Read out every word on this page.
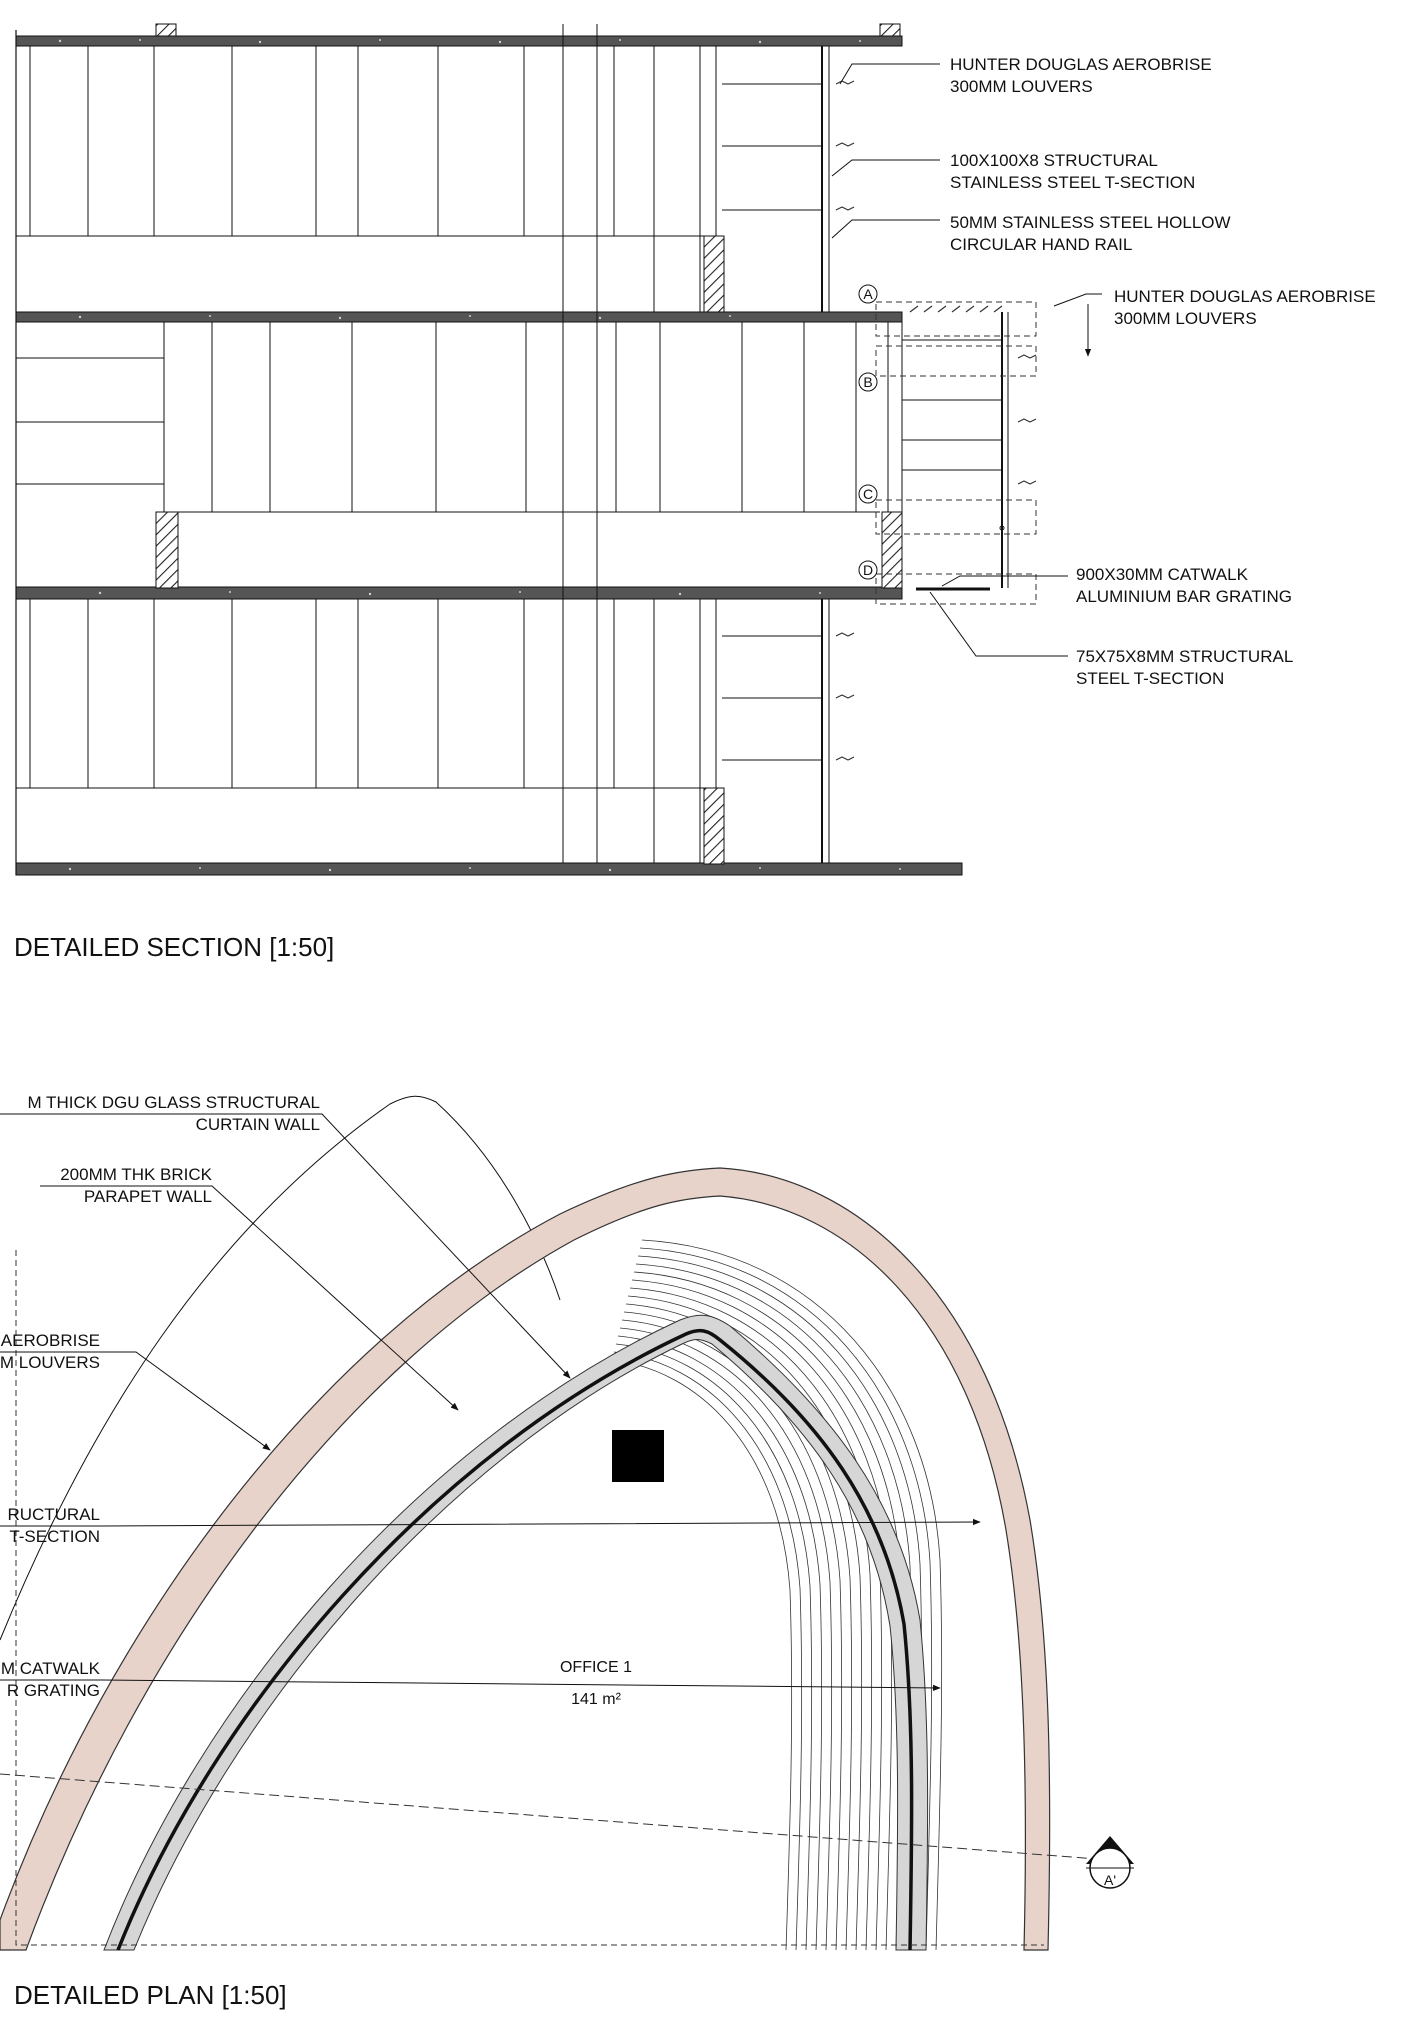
A
B
C
D
HUNTER DOUGLAS AEROBRISE
300MM LOUVERS
100X100X8 STRUCTURAL
STAINLESS STEEL T-SECTION
50MM STAINLESS STEEL HOLLOW
CIRCULAR HAND RAIL
HUNTER DOUGLAS AEROBRISE
300MM LOUVERS
900X30MM CATWALK
ALUMINIUM BAR GRATING
75X75X8MM STRUCTURAL
STEEL T-SECTION
DETAILED SECTION [1:50]
A'
M THICK DGU GLASS STRUCTURAL
CURTAIN WALL
200MM THK BRICK
PARAPET WALL
AEROBRISE
M LOUVERS
RUCTURAL
T-SECTION
M CATWALK
R GRATING
OFFICE 1
141 m²
DETAILED PLAN [1:50]
